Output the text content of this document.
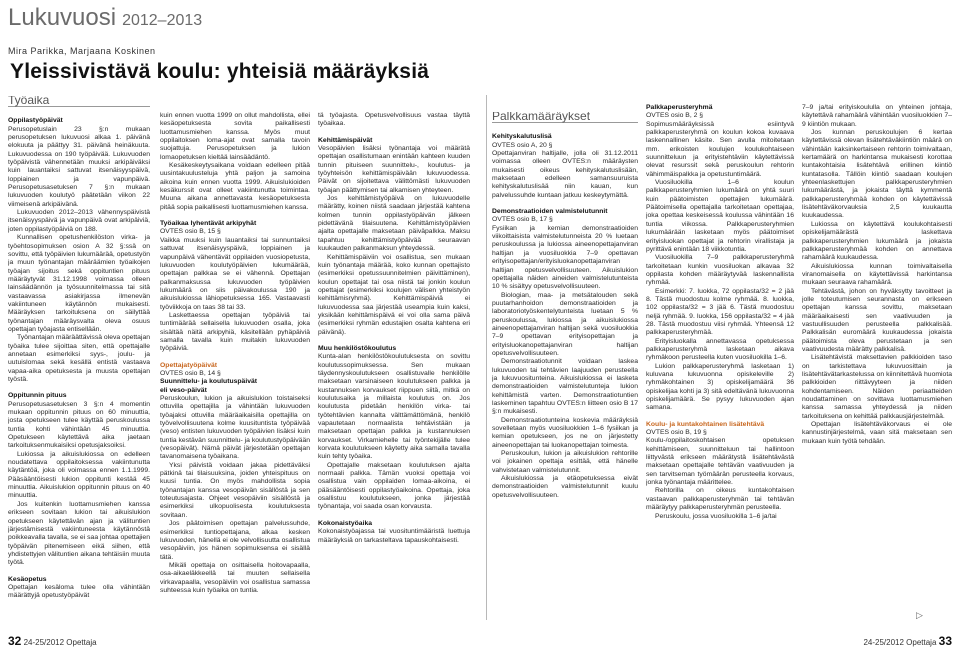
Lukuvuosi 2012–2013
Mira Parikka, Marjaana Koskinen
Yleissivistävä koulu: yhteisiä määräyksiä
Työaika

Oppilastyöpäivät

Perusopetuslain 23 §:n mukaan perusopetuksen lukuvuosi alkaa 1. päivänä elokuuta ja päättyy 31. päivänä heinäkuuta. Lukuvuodessa on 190 työpäivää. Lukuvuoden työpäivistä vähennetään muuksi arkipäiväksi kuin lauantaiksi sattuvat itsenäisyyspäivä, loppiainen ja vapunpäivä. Perusopetusasetuksen 7 §:n mukaan lukuvuoden koulutyö päätetään viikon 22 viimeisenä arkipäivänä.

Lukuvuoden 2012–2013 vähennyspäivistä itsenäisyyspäivä ja vapunpäivä ovat arkipäiviä, joten oppilastyöpäiviä on 188.

Kunnallisen opetushenkilöston virka- ja työehtosopimuksen osion A 32 §:ssä on sovittu, että työpäivien lukumäärää, opetustyön ja muun työnantajan määräämien työaikojen työajan sijoitus sekä oppituntien pituus määräytyvät 31.12.1998 voimassa olleen lainsäädännön ja työsuunnitelmassa tai sitä vastaavassa asiakirjassa ilmenevän vakiintuneen käytännön mukaisesti. Määräyksen tarkoituksena on säilyttää työnantajan määräysvalta oleva osuus opettajan työajasta entisellään.

Työnantajan määräättävissä oleva opettajan työaika tulee sijoittaa siten, että opettajalle annetaan esimerkiksi syys-, joulu- ja uutuislomaa sekä kesällä entistä vastaava vapaa-aika opetuksesta ja muusta opettajan työstä.

Oppitunnin pituus

Perusopetusasetuksen 3 §:n 4 momentin mukaan oppitunnin pituus on 60 minuuttia, josta opetukseen tulee käyttää peruskoulussa tuntia kohti vähintään 45 minuuttia. Opetukseen käytettävä aika jaetaan tarkoituksenmukaisiksi opetusjaksoiksi.

Lukiossa ja aikuislukiossa on edelleen noudatettava oppilaitoksessa vakiintunutta käytäntöä, joka oli voimassa ennen 1.1.1999. Pääsääntöisesti lukion oppitunti kestää 45 minuuttia. Aikuislukion oppitunnin pituus on 40 minuuttia.

Jos kuitenkin luottamusmiehen kanssa erikseen sovitaan lukion tai aikuislukion opetukseen käytettävän ajan ja välituntien järjestämisestä vakiintuneesta käytännöstä poikkeavalla tavalla, se ei saa johtaa opettajien työpäivän pitenemiseen eikä siihen, että yhdistettyjen välituntien aikana tehtäisiin muuta työtä.

Kesäopetus

Opettajan kesäloma tulee olla vähintään määrättyjä opetustyöpäivät

kuin ennen vuotta 1999 on ollut mahdollista, ellei kesäopetuksesta sovita paikallisesti luottamusmiehen kanssa. Myös muut oppilaitoksen loma-ajat ovat samalla tavoin suojattuja. Perusopetuksen ja lukion lomaopetuksen kieltää lainsäädäntö.

Kesäkeskeytysaikana voidaan edelleen pitää uusintakuulusteluja yhtä paljon ja samoina aikoina kuin ennen vuotta 1999. Aikuislukioiden kesäkurssit ovat olleet vakiintunutta toimintaa. Muuna aikana annettavasta kesäopetuksesta pitää sopia paikallisesti luottamusmiehen kanssa.

Työaikaa lyhentävät arkipyhät

OVTES osio B, 15 §

Vaikka muuksi kuin lauantaiksi tai sunnuntaiksi sattuvat itsenäisyyspäivä, loppiainen ja vapunpäivä vähentävät oppilaiden vuosiopetusta, lukuvuoden koulutyöpäivien lukumäärää, opettajan palkkaa se ei vähennä. Opettajan palkanmaksussa lukuvuoden työpäivien lukumäärä on siis päivakoulussa 190 ja aikuislukiossa lähiopetuksessa 165. Vastaavasti työviikkoja on taas 38 tai 33.

Laskettaessa opettajan työpäiviä tai tuntimäärää sellaisella lukuvuoden osalla, joka sisältää näitä arkipyhiä, käsitellään pyhäpäiviä samalla tavalla kuin muitakin lukuvuoden työpäiviä.

Opettajatyöpäivät

OVTES osio B, 14 §

Suunnittelu- ja koulutuspäivät

eli veso-päivät

Peruskoulun, lukion ja aikuislukion toistaiseksi ottuvilla opettajilla ja vähintään lukuvuoden työajaksi ottuvilla määräaikaisilla opettajilla on työvelvollisuutena kolme kuusituntista työpäivää (veso) entisten lukuvuoden työpäivien lisäksi kuin tuntia kestävän suunnittelu- ja koulutustyöpäivään (vesopäivät). Nämä päivät järjestetään opettajan tavanomaisena työaikana.

Yksi päivistä voidaan jakaa pidettäväksi pätkinä tai tilaisuuksina, joiden yhteispituus on kuusi tuntia. On myös mahdollista sopia työnantajan kanssa vesopäivän sisällöstä ja sen toteutusajasta. Ohjeet vesopäiviin sisällöstä ja esimerkiksi ulkopuolisesta koulutuksesta sovitaan.

Jos päätoimisen opettajan palvelussuhde, esimerkiksi tuntiopettajana, alkaa kesken lukuvuoden, hänellä ei ole velvollisuutta osallistua vesopäiviin, jos hänen sopimuksensa ei sisällä tätä.

Mikäli opettaja on osittaisella hoitovapaalla, osa-aikaeläkkeellä tai muuten sellaisella virkavapaalla, vesopäiviin voi osallistua samassa suhteessa kuin työaika on tuntia.

tä työajasta. Opetusvelvollisuus vastaa täyttä työaikaa.

Kehittämispäivät

Vesopäivien lisäksi työnantaja voi määrätä opettajan osallistumaan enintään kahteen kuuden tunnin pituiseen suunnittelu-, koulutus- ja työyhteisön kehittämispäivään lukuvuodessa. Päivät on sijoitettava välittömästi lukuvuoden työajan päättymisen tai alkamisen yhteyteen.

Jos kehittämistyöpäivä on lukuvuodelle määrätty, koinen niistä saadaan järjestää kahtena kolmen tunnin oppilastyöpäivän jälkeen pidettävänä tilaisuutena. Kehittämistyöpäivien ajalta opettajalle maksetaan päiväpalkka. Maksu tapahtuu kehittämistyöpäivää seuraavan kuukauden palkanmaksun yhteydessä.

Kehittämispäiviin voi osallistua, sen mukaan kuin työnantaja määrää, koko kunnan opettajisto (esimerkiksi opetussuunnitelmien päivittäminen), koulun opettajat tai osa niistä tai jonkin koulun opettajat (esimerkiksi koulujen välisen yhteistyön kehittämisryhmä). Kehittämispäiviä ei lukuvuodessa saa järjestää useampia kuin kaksi, yksikään kehittämispäivä ei voi olla sama päivä (esimerkiksi ryhmän edustajien osalta kahtena eri päivänä).

Muu henkilöstökoulutus

Kunta-alan henkilöstökoulutuksesta on sovittu koulutussopimuksessa. Sen mukaan täydennyskoulutukseen osallistuvalle henkilölle maksetaan varsinaiseen koulutukseen palkka ja kustannuksen korvaukset riippuen siitä, mitkä on koulutusaika ja millaista koulutus on. Jos koulutusta pidetään henkilön virka- tai työtehtävien kannalta välttämättömänä, henkilö vapautetaan normaalista tehtävistään ja maksetaan opettajan palkka ja kustannuksen korvaukset. Virkamiehelle tai työntekijälle tulee korvata koulutukseen käytetty aika samalla tavalla kuin tehty työaika.

Opettajalle maksetaan koulutuksen ajalta normaali palkka. Tämän vuoksi opettaja voi osallistua vain oppilaiden lomaa-aikoina, ei pääsääntöisesti oppilastyöaikoina. Opettaja, joka osallistuu koulutukseen, jonka järjestää työnantaja, voi saada osan korvausta.

Kokonaistyöaika

Kokonaistyöajassa tai vuosituntimääristä luettuja määräyksiä on tarkasteltava tapauskohtaisesti.

Palkkamääräykset

Kehityskalutuslisä

OVTES osio A, 20 §

Opettajanviran haltijalle, jolla oli 31.12.2011 voimassa olleen OVTES:n määräysten mukaisesti oikeus kehityskalutuslisään, maksetaan edelleen samansuuruista kehityskalutuslisää niin kauan, kun palvelussuhde kuntaan jatkuu keskeytymättä.

Demonstraatioiden valmistelutunnit

OVTES osio B, 17 §

Fysiikan ja kemian demonstraatioiden viikoittaisista valmistelutunneista 20 % luetaan peruskoulussa ja lukiossa aineenopettajanviran haltijan ja vuosiluokkia 7–9 opettavan erityisopettajan/erityisluokanopettajanviran haltijan opetusvelvollisuuteen. Aikuislukion opettajalla näiden aineiden valmistelutunteista 10 % sisältyy opetusvelvollisuuteen.

Biologian, maa- ja metsätalouden sekä puutarhanhoidon demonstraatioiden ja laboratoriotyöskentelytunteista luetaan 5 % peruskoulussa, lukiossa ja aikuislukiossa aineenopettajanviran haltijan sekä vuosiluokkia 7–9 opettavan erityisopettajan ja erityisluokanopettajanviran haltijan opetusvelvollisuuteen.

Demonstraatiotunnit voidaan laskea lukuvuoden tai tehtävien laajuuden perusteella ja lukuvuositunteina. Aikuislukiossa ei lasketa demonstraatioiden valmistelutunteja lukion kehittämistä varten. Demonstraatiotuntien laskeminen tapahtuu OVTES:n liitteen osio B 17 §:n mukaisesti.

Demonstraatiotunteina koskevia määräyksiä sovelletaan myös vuosiluokkien 1–6 fysiikan ja kemian opetukseen, jos ne on järjestetty aineenopettajan tai luokanopettajan toimesta.

Peruskoulun, lukion ja aikuislukion rehtorille voi jokainen opettaja esittää, että hänelle vahvistetaan valmistelutunnit.

Aikuislukiossa ja etäopetuksessa eivät demonstraatioiden valmistelutunnit kuulu opetusvelvollisuuteen.

Palkkaperusteryhmä

OVTES osio B, 2 §

Sopimusmääräyksissä esiintyvä palkkaperusteryhmä on koulun kokoa kuvaava laskennallinen käsite. Sen avulla mitoitetaan mm. erikoisten koulujen koulukohtaiseen suunnitteluun ja erityistehtäviin käytettävissä olevat resurssit sekä peruskoulun rehtorin vähimmäispalkka ja opetustuntimäärä.

Vuosiluokilla 1–6 koulun palkkaperusteryhmien lukumäärä on yhtä suuri kuin päätoimisten opettajien lukumäärä. Päätoimisella opettajalla tarkoitetaan opettajaa, joka opettaa keskeisessä koulussa vähintään 16 tuntia viikossa. Palkkaperusteryhmien lukumäärään lasketaan myös päätoimiset erityisluokan opettajat ja rehtorin virallistaja ja pyrittävä enintään 18 viikkotuntia.

Vuosiluokilla 7–9 palkkaperusteryhmä tarkoitetaan kunkin vuosiluokan alkavaa 32 oppilasta kohden määräytyvää laskennallista ryhmää.

Esimerkki: 7. luokka, 72 oppilasta/32 = 2 jää 8. Tästä muodostuu kolme ryhmää. 8. luokka, 102 oppilasta/32 = 3 jää 6. Tästä muodostuu neljä ryhmää. 9. luokka, 156 oppilasta/32 = 4 jää 28. Tästä muodostuu viisi ryhmää. Yhteensä 12 palkkaperusteryhmää.

Erityisluokalla annettavassa opetuksessa palkkaperusteryhmä lasketaan aikava ryhmäkoon perusteella kuten vuosiluokilla 1–6.

Lukion palkkaperusteryhmä lasketaan 1) kuluvana lukuvuonna opiskeleville 2) ryhmäkohtainen 3) opiskelijamäärä 36 opiskelijaa kohti ja 3) sitä edeltävänä lukuvuonna opiskelijamäärä. Se pysyy lukuvuoden ajan samana.

Koulu- ja kuntakohtainen lisätehtävä

OVTES osio B, 19 §

Koulu-/oppilaitoskohtaisen opetuksen kehittämiseen, suunnitteluun tai hallintoon liittyvästä erikseen määrätystä lisätehtävästä maksetaan opettajalle tehtävän vaativuuden ja sen tarvitseman työmäärän perusteella korvaus, jonka työnantaja määrittelee.

Rehtorilla on oikeus kuntakohtaisen vastaavan palkkaperusteryhmän tai tehtävän määräytyy palkkaperusteryhmän perusteella.

Peruskoulu, jossa vuosiluokilla 1–6 ja/tai

7–9 ja/tai erityiskoululla on yhteinen johtaja, käytettävä rahamäärä vähintään vuosiluokkien 7–9 kiintiön mukaan.

Jos kunnan peruskoulujen 6 kertaa käytettävissä olevan lisätehtäväkiintiön määrä on vähintään kaksinkertaiseen rehtorin toimivaltaan, kertamäärä on harkintansa mukaisesti korottaa kuntakohtaisia lisätehtävä erillinen kiintiö kuntatasolla. Tällöin kiintiö saadaan koulujen yhteenlaskettujen palkkaperusteryhmien lukumäärästä, ja jokaista täyttä kymmentä palkkaperusteryhmää kohden on käytettävissä lisätehtäväkorvauksia 2,5 kuukautta kuukaudessa.

Lukiossa on käytettävä koulukohtaisesti opiskelijamäärästä laskettava palkkaperusteryhmien lukumäärä ja jokaista palkkaperusteryhmää kohden on annettava rahamäärä kuukaudessa.

Aikuislukiossa kunnan toimivaltaisella viranomaisella on käytettävissä harkintansa mukaan seuraava rahamäärä.

Tehtävästä, johon on hyväksytty tavoitteet ja jolle toteutumisen seurannasta on erikseen opettajan kanssa sovittu, maksetaan määräaikaisesti sen vaativuuden ja vastuullisuuden perusteella palkkalisää. Palkkalisän euromäärä kuukaudessa jokaista päätoimista oleva perustetaan ja sen vaativuudesta määrätty palkkalisä.

Lisätehtävistä maksettavien palkkioiden taso on tarkistettava lukuvuosittain ja lisätehtävätarkastelussa on kiinnitettävä huomiota palkkioiden riittävyyteen ja niiden kohdentamiseen. Näiden periaatteiden noudattaminen on sovittava luottamusmiehen kanssa samassa yhteydessä ja niiden tarkoituksena on kehittää palkkausjärjestelmää.

Opettajan lisätehtäväkorvaus ei ole kannustinjärjestelmä, vaan sitä maksetaan sen mukaan kuin työtä tehdään.

▷
32 24-25/2012 Opettaja	24-25/2012 Opettaja 33
